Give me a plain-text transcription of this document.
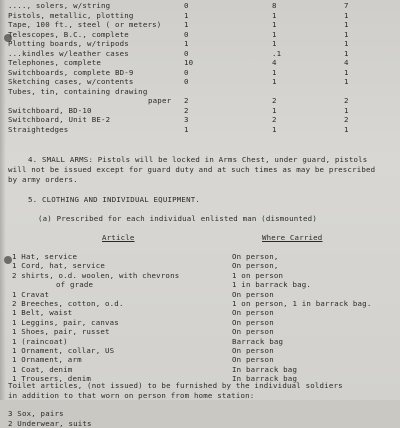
...., solers, w/string	0	8	7
Pistols, metallic, plotting	1	1	1
Tape, 100 ft., steel ( or meters)	1	1	1
Telescopes, B.C., complete	0	1	1
Plotting boards, w/tripods	1	1	1
...kindles w/leather cases	0	.1	1
Telephones, complete	10	4	4
Switchboards, complete BD-9	0	1	1
Sketching cases, w/contents	0	1	1
Tubes, tin, containing drawing
paper 2	2	2
Switchboard, BD-10	2	1	1
Switchboard, Unit BE-2	3	2	2
Straightedges	1	1	1
4. SMALL ARMS: Pistols will be locked in Arms Chest, under guard, pistols
will not be issued except for guard duty and at such times as may be prescribed
by army orders.
5. CLOTHING AND INDIVIDUAL EQUIPMENT.
(a) Prescribed for each individual enlisted man (dismounted)
Article	Where Carried
1 Hat, service	On person,
1 Cord, hat, service	On person,
2 shirts, o.d. woolen, with chevrons	1 on person
of grade	1 in barrack bag.
1 Cravat	On person
2 Breeches, cotton, o.d.	1 on person, 1 in barrack bag.
1 Belt, waist	On person
1 Leggins, pair, canvas	On person
1 Shoes, pair, russet	On person
1 (raincoat)	Barrack bag
1 Ornament, collar, US	On person
1 Ornament, arm	On person
1 Coat, denim	In barrack bag
1 Trousers, denim	In barrack bag
Toilet articles, (not issued) to be furnished by the individual soldiers
in addition to that worn on person from home station:
3 Sox, pairs
2 Underwear, suits
